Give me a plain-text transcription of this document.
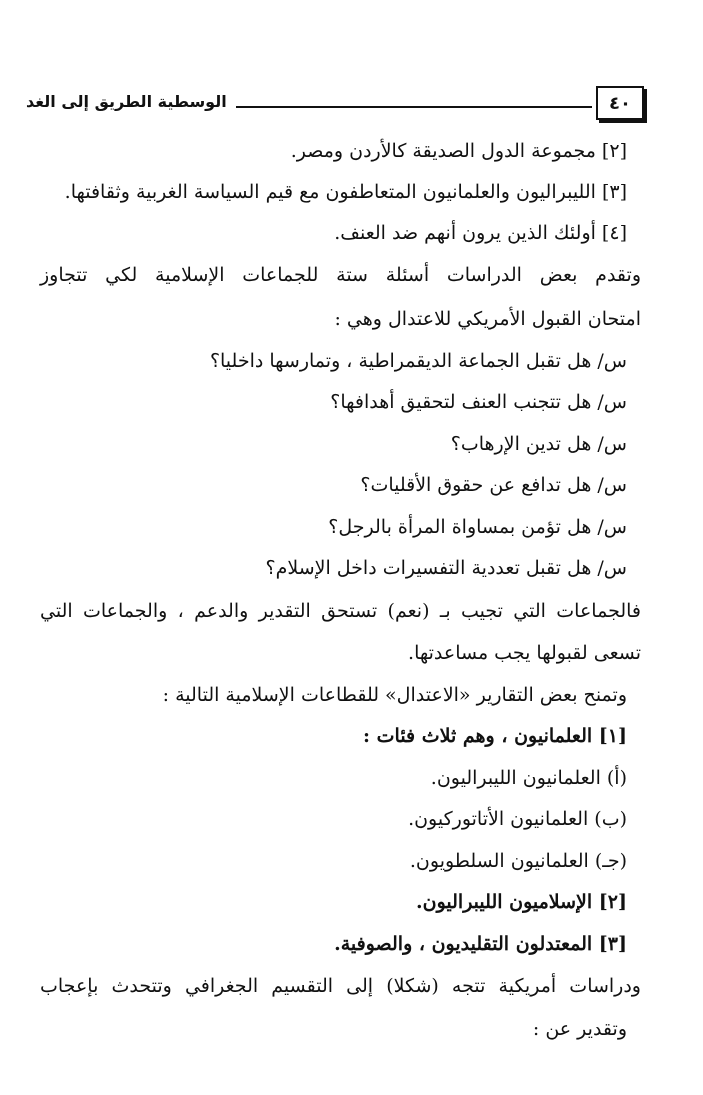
٤٠
الوسطية الطريق إلى الغد
[٢] مجموعة الدول الصديقة كالأردن ومصر.
[٣] الليبراليون والعلمانيون المتعاطفون مع قيم السياسة الغربية وثقافتها.
[٤] أولئك الذين يرون أنهم ضد العنف.
وتقدم بعض الدراسات أسئلة ستة للجماعات الإسلامية لكي تتجاوز
امتحان القبول الأمريكي للاعتدال وهي :
س/ هل تقبل الجماعة الديقمراطية ، وتمارسها داخليا؟
س/ هل تتجنب العنف لتحقيق أهدافها؟
س/ هل تدين الإرهاب؟
س/ هل تدافع عن حقوق الأقليات؟
س/ هل تؤمن بمساواة المرأة بالرجل؟
س/ هل تقبل تعددية التفسيرات داخل الإسلام؟
فالجماعات التي تجيب بـ (نعم) تستحق التقدير والدعم ، والجماعات التي
تسعى لقبولها يجب مساعدتها.
وتمنح بعض التقارير «الاعتدال» للقطاعات الإسلامية التالية :
[١] العلمانيون ، وهم ثلاث فئات :
(أ) العلمانيون الليبراليون.
(ب) العلمانيون الأتاتوركيون.
(جـ) العلمانيون السلطويون.
[٢] الإسلاميون الليبراليون.
[٣] المعتدلون التقليديون ، والصوفية.
ودراسات أمريكية تتجه (شكلا) إلى التقسيم الجغرافي وتتحدث بإعجاب
وتقدير عن :
